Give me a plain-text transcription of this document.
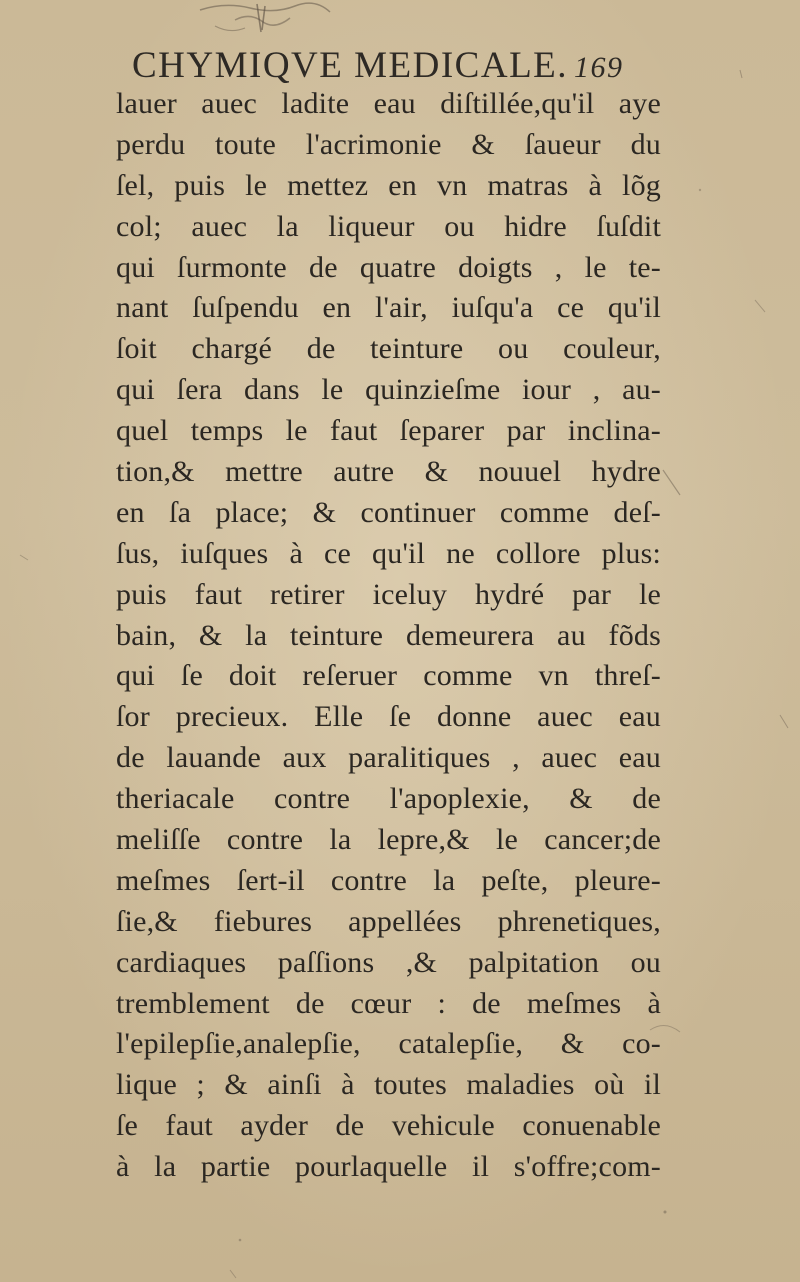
CHYMIQVE MEDICALE. 169
lauer auec ladite eau diſtillée,qu'il aye
perdu toute l'acrimonie & ſaueur du
ſel, puis le mettez en vn matras à lõg
col; auec la liqueur ou hidre ſuſdit
qui ſurmonte de quatre doigts , le te-
nant ſuſpendu en l'air, iuſqu'a ce qu'il
ſoit chargé de teinture ou couleur,
qui ſera dans le quinzieſme iour , au-
quel temps le faut ſeparer par inclina-
tion,& mettre autre & nouuel hydre
en ſa place; & continuer comme deſ-
ſus, iuſques à ce qu'il ne collore plus:
puis faut retirer iceluy hydré par le
bain, & la teinture demeurera au fõds
qui ſe doit reſeruer comme vn threſ-
ſor precieux. Elle ſe donne auec eau
de lauande aux paralitiques , auec eau
theriacale contre l'apoplexie, & de
meliſſe contre la lepre,& le cancer;de
meſmes ſert-il contre la peſte, pleure-
ſie,& fiebures appellées phrenetiques,
cardiaques paſſions ,& palpitation ou
tremblement de cœur : de meſmes à
l'epilepſie,analepſie, catalepſie, & co-
lique ; & ainſi à toutes maladies où il
ſe faut ayder de vehicule conuenable
à la partie pourlaquelle il s'offre;com-
